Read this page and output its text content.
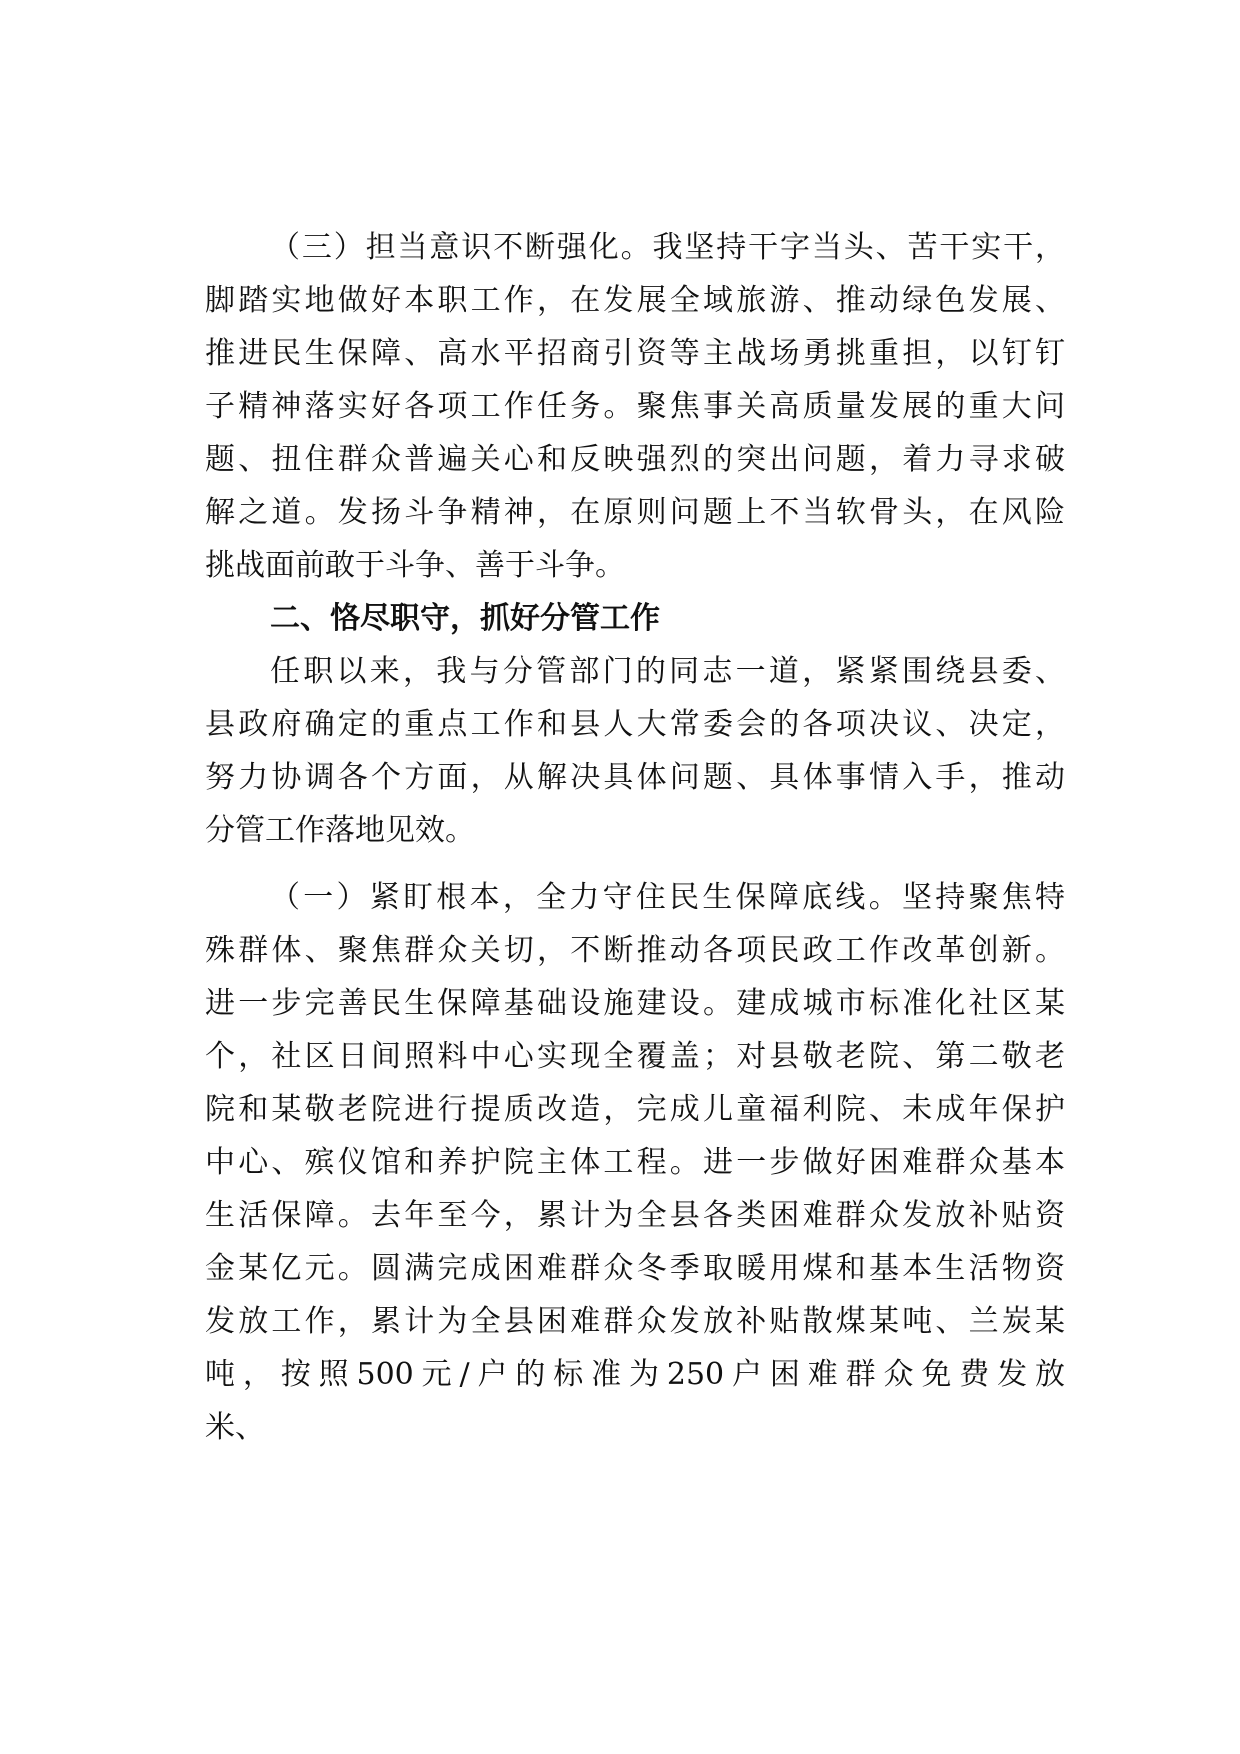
（三）担当意识不断强化。我坚持干字当头、苦干实干，
脚踏实地做好本职工作，在发展全域旅游、推动绿色发展、
推进民生保障、高水平招商引资等主战场勇挑重担，以钉钉
子精神落实好各项工作任务。聚焦事关高质量发展的重大问
题、扭住群众普遍关心和反映强烈的突出问题，着力寻求破
解之道。发扬斗争精神，在原则问题上不当软骨头，在风险
挑战面前敢于斗争、善于斗争。
二、恪尽职守，抓好分管工作
任职以来，我与分管部门的同志一道，紧紧围绕县委、
县政府确定的重点工作和县人大常委会的各项决议、决定，
努力协调各个方面，从解决具体问题、具体事情入手，推动
分管工作落地见效。
（一）紧盯根本，全力守住民生保障底线。坚持聚焦特
殊群体、聚焦群众关切，不断推动各项民政工作改革创新。
进一步完善民生保障基础设施建设。建成城市标准化社区某
个，社区日间照料中心实现全覆盖；对县敬老院、第二敬老
院和某敬老院进行提质改造，完成儿童福利院、未成年保护
中心、殡仪馆和养护院主体工程。进一步做好困难群众基本
生活保障。去年至今，累计为全县各类困难群众发放补贴资
金某亿元。圆满完成困难群众冬季取暖用煤和基本生活物资
发放工作，累计为全县困难群众发放补贴散煤某吨、兰炭某
吨，按照500元/户的标准为250户困难群众免费发放
米、
